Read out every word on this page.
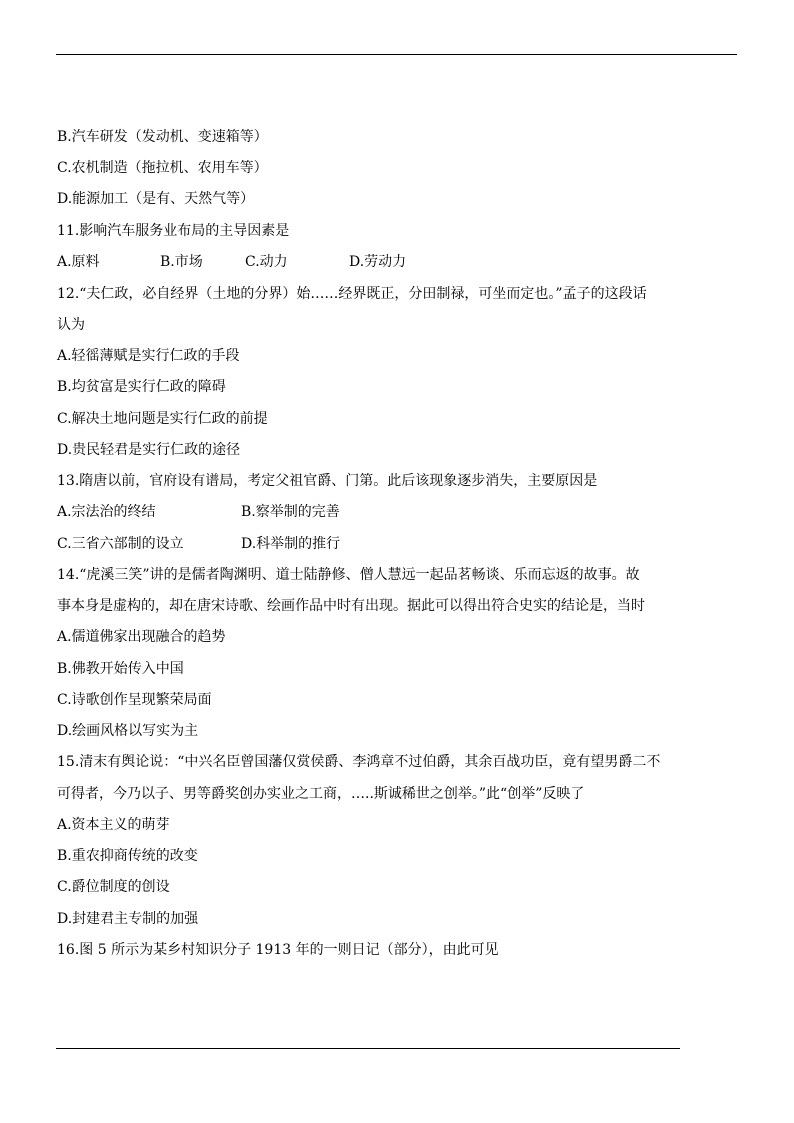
B.汽车研发（发动机、变速箱等）
C.农机制造（拖拉机、农用车等）
D.能源加工（是有、天然气等）
11.影响汽车服务业布局的主导因素是
A.原料	B.市场	C.动力	D.劳动力
12.“夫仁政，必自经界（土地的分界）始……经界既正，分田制禄，可坐而定也。”孟子的这段话
认为
A.轻徭薄赋是实行仁政的手段
B.均贫富是实行仁政的障碍
C.解决土地问题是实行仁政的前提
D.贵民轻君是实行仁政的途径
13.隋唐以前，官府设有谱局，考定父祖官爵、门第。此后该现象逐步消失，主要原因是
A.宗法治的终结	B.察举制的完善
C.三省六部制的设立	D.科举制的推行
14.“虎溪三笑”讲的是儒者陶渊明、道士陆静修、僧人慧远一起品茗畅谈、乐而忘返的故事。故
事本身是虚构的，却在唐宋诗歌、绘画作品中时有出现。据此可以得出符合史实的结论是，当时
A.儒道佛家出现融合的趋势
B.佛教开始传入中国
C.诗歌创作呈现繁荣局面
D.绘画风格以写实为主
15.清末有舆论说：“中兴名臣曾国藩仅赏侯爵、李鸿章不过伯爵，其余百战功臣，竟有望男爵二不
可得者，今乃以子、男等爵奖创办实业之工商，…..斯诚稀世之创举。”此“创举”反映了
A.资本主义的萌芽
B.重农抑商传统的改变
C.爵位制度的创设
D.封建君主专制的加强
16.图 5 所示为某乡村知识分子 1913 年的一则日记（部分），由此可见
